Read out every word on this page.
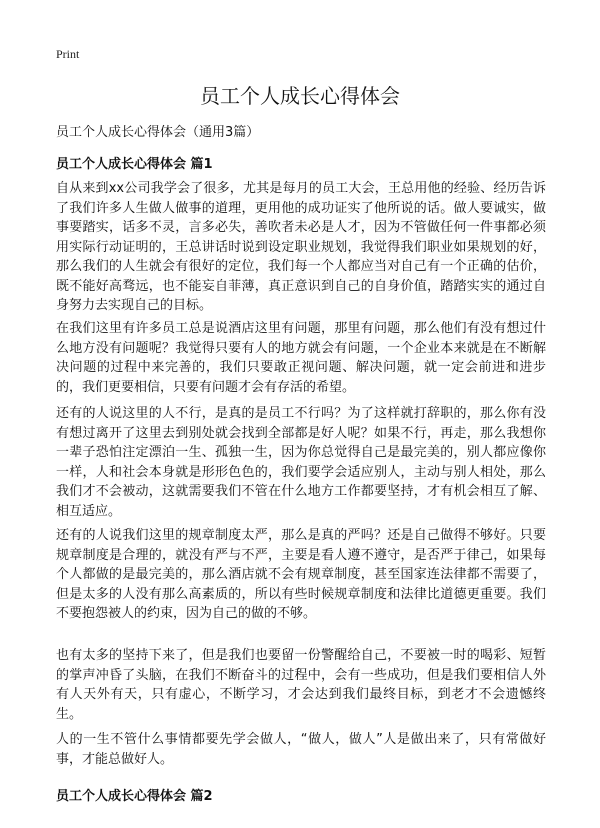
Print
员工个人成长心得体会
员工个人成长心得体会（通用3篇）
员工个人成长心得体会 篇1

自从来到xx公司我学会了很多，尤其是每月的员工大会，王总用他的经验、经历告诉了我们许多人生做人做事的道理，更用他的成功证实了他所说的话。做人要诚实，做事要踏实，话多不灵，言多必失，善吹者未必是人才，因为不管做任何一件事都必须用实际行动证明的，王总讲话时说到设定职业规划，我觉得我们职业如果规划的好，那么我们的人生就会有很好的定位，我们每一个人都应当对自己有一个正确的估价，既不能好高骛远，也不能妄自菲薄，真正意识到自己的自身价值，踏踏实实的通过自身努力去实现自己的目标。

在我们这里有许多员工总是说酒店这里有问题，那里有问题，那么他们有没有想过什么地方没有问题呢？我觉得只要有人的地方就会有问题，一个企业本来就是在不断解决问题的过程中来完善的，我们只要敢正视问题、解决问题，就一定会前进和进步的，我们更要相信，只要有问题才会有存活的希望。

还有的人说这里的人不行，是真的是员工不行吗？为了这样就打辞职的，那么你有没有想过离开了这里去到别处就会找到全部都是好人呢？如果不行，再走，那么我想你一辈子恐怕注定漂泊一生、孤独一生，因为你总觉得自己是最完美的，别人都应像你一样，人和社会本身就是形形色色的，我们要学会适应别人，主动与别人相处，那么我们才不会被动，这就需要我们不管在什么地方工作都要坚持，才有机会相互了解、相互适应。

还有的人说我们这里的规章制度太严，那么是真的严吗？还是自己做得不够好。只要规章制度是合理的，就没有严与不严，主要是看人遵不遵守，是否严于律己，如果每个人都做的是最完美的，那么酒店就不会有规章制度，甚至国家连法律都不需要了，但是太多的人没有那么高素质的，所以有些时候规章制度和法律比道德更重要。我们不要抱怨被人的约束，因为自己的做的不够。

也有太多的坚持下来了，但是我们也要留一份警醒给自己，不要被一时的喝彩、短暂的掌声冲昏了头脑，在我们不断奋斗的过程中，会有一些成功，但是我们要相信人外有人天外有天，只有虚心，不断学习，才会达到我们最终目标，到老才不会遗憾终生。

人的一生不管什么事情都要先学会做人，“做人，做人”人是做出来了，只有常做好事，才能总做好人。

员工个人成长心得体会 篇2
